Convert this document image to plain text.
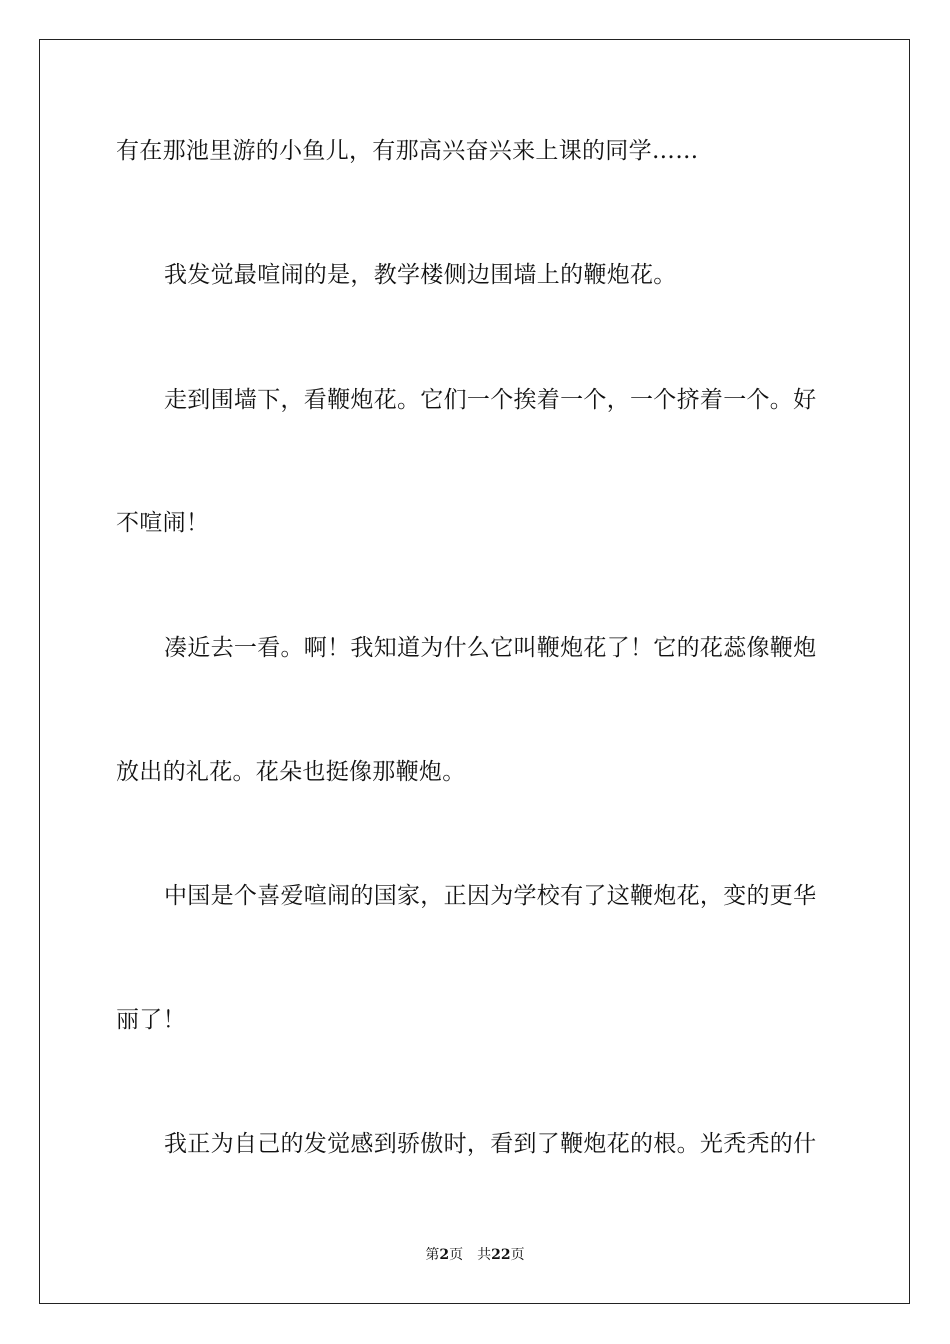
有在那池里游的小鱼儿，有那高兴奋兴来上课的同学……
我发觉最喧闹的是，教学楼侧边围墙上的鞭炮花。
走到围墙下，看鞭炮花。它们一个挨着一个，一个挤着一个。好
不喧闹！
凑近去一看。啊！我知道为什么它叫鞭炮花了！它的花蕊像鞭炮
放出的礼花。花朵也挺像那鞭炮。
中国是个喜爱喧闹的国家，正因为学校有了这鞭炮花，变的更华
丽了！
我正为自己的发觉感到骄傲时，看到了鞭炮花的根。光秃秃的什
第2页 共22页
